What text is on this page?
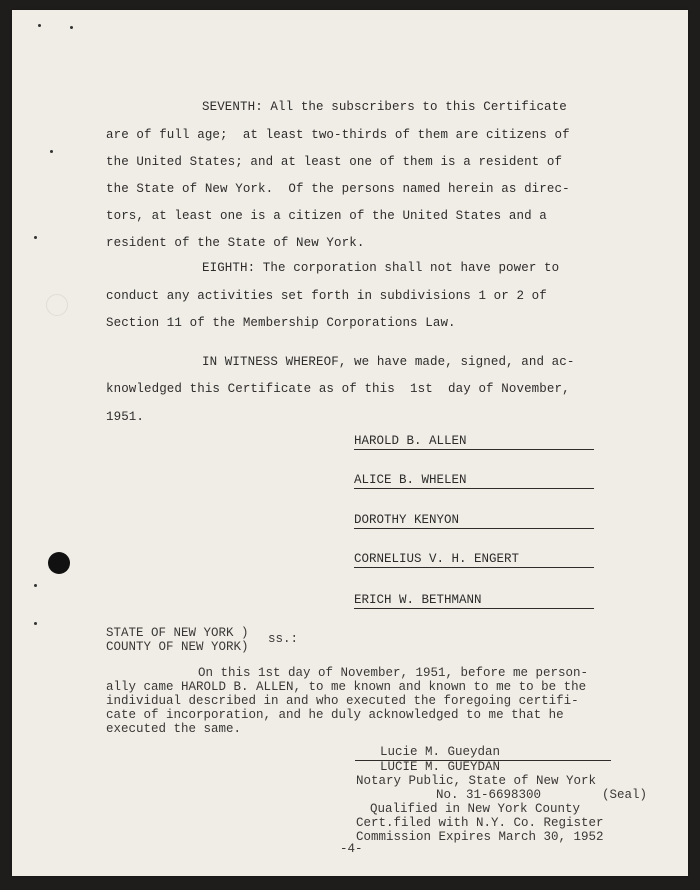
SEVENTH: All the subscribers to this Certificate
are of full age;  at least two-thirds of them are citizens of
the United States; and at least one of them is a resident of
the State of New York.  Of the persons named herein as direc-
tors, at least one is a citizen of the United States and a
resident of the State of New York.
EIGHTH: The corporation shall not have power to
conduct any activities set forth in subdivisions 1 or 2 of
Section 11 of the Membership Corporations Law.
IN WITNESS WHEREOF, we have made, signed, and ac-
knowledged this Certificate as of this  1st  day of November,
1951.
HAROLD B. ALLEN
ALICE B. WHELEN
DOROTHY KENYON
CORNELIUS V. H. ENGERT
ERICH W. BETHMANN
STATE OF NEW YORK )
COUNTY OF NEW YORK)
ss.:
On this 1st day of November, 1951, before me person-
ally came HAROLD B. ALLEN, to me known and known to me to be the
individual described in and who executed the foregoing certifi-
cate of incorporation, and he duly acknowledged to me that he
executed the same.
Lucie M. Gueydan
LUCIE M. GUEYDAN
Notary Public, State of New York
No. 31-6698300	(Seal)
Qualified in New York County
Cert.filed with N.Y. Co. Register
Commission Expires March 30, 1952
-4-
